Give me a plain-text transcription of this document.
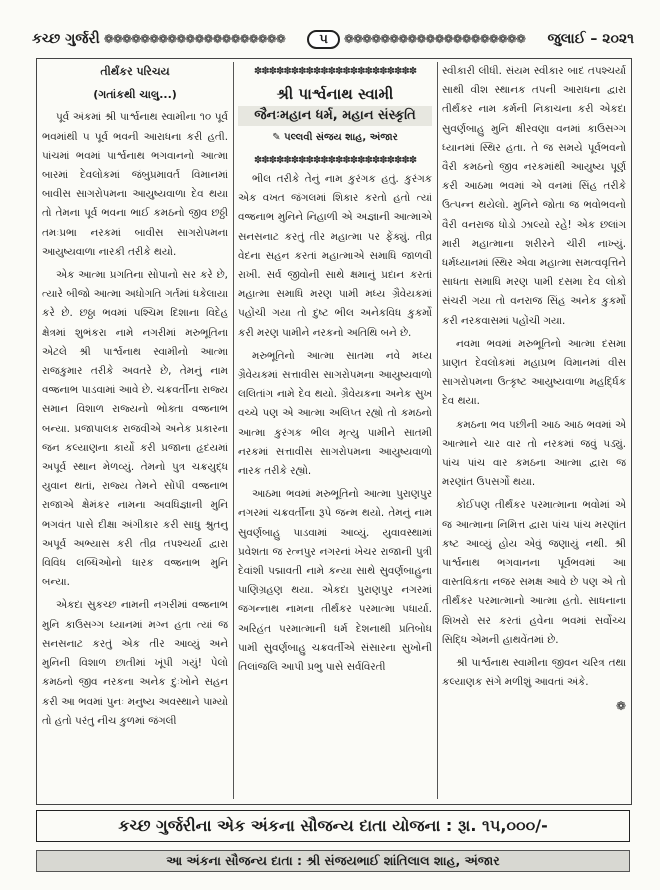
કચ્છ ગુર્જરી ❁❁❁❁❁❁❁❁❁❁❁❁❁❁❁❁❁❁❁❁	૫	❁❁❁❁❁❁❁❁❁❁❁❁❁❁❁❁❁❁❁❁	જુલાઈ – ૨૦૨૧

તીર્થંકર પરિચય

(ગતાંકથી ચાલુ...)

પૂર્વ અંકમાં શ્રી પાર્શ્વનાથ સ્વામીના ૧૦ પૂર્વ ભવમાંથી ૫ પૂર્વ ભવની આરાધના કરી હતી. પાંચમાં ભવમાં પાર્શ્વનાથ ભગવાનનો આત્મા બારમાં દેવલોકમાં જંબુપ્રમાવર્ત વિમાનમાં બાવીસ સાગરોપમના આયુષ્યવાળા દેવ થયા તો તેમના પૂર્વ ભવના ભાઈ કમઠનો જીવ છઠ્ઠી તમઃપ્રભા નરકમાં બાવીસ સાગરોપમના આયુષ્યવાળા નારકી તરીકે થયો.

એક આત્મા પ્રગતિના સોપાનો સર કરે છે, ત્યારે બીજો આત્મા અધોગતિ ગર્તમાં ધકેલાયા કરે છે. છઠ્ઠા ભવમાં પશ્ચિમ દિશાના વિદેહ ક્ષેત્રમાં શુભંકરા નામે નગરીમાં મરુભૂતિના એટલે શ્રી પાર્શ્વનાથ સ્વામીનો આત્મા રાજકુમાર તરીકે અવતરે છે, તેમનું નામ વજ્રનાભ પાડવામાં આવે છે. ચક્રવર્તીના રાજ્ય સમાન વિશાળ રાજ્યનો ભોક્તા વજ્રનાભ બન્યા. પ્રજાપાલક રાજવીએ અનેક પ્રકારના જન કલ્યાણના કાર્યો કરી પ્રજાના હૃદયમાં અપૂર્વ સ્થાન મેળવ્યું. તેમનો પુત્ર ચક્રયુદ્ધ યુવાન થતાં, રાજ્ય તેમને સોંપી વજ્રનાભ રાજાએ ક્ષેમંકર નામના અવધિજ્ઞાની મુનિ ભગવંત પાસે દીક્ષા અંગીકાર કરી સાધુ શ્રુતનુ અપૂર્વ અભ્યાસ કરી તીવ્ર તપશ્ચર્યા દ્વારા વિવિધ લબ્ધિઓનો ધારક વજ્રનાભ મુનિ બન્યા.

એકદા સુકચ્છ નામની નગરીમાં વજ્રનાભ મુનિ કાઉસગ્ગ ધ્યાનમાં મગ્ન હતા ત્યાં જ સનસનાટ કરતું એક તીર આવ્યું અને મુનિની વિશાળ છાતીમાં ખૂંપી ગયું! પેલો કમઠનો જીવ નરકના અનેક દુઃખોને સહન કરી આ ભવમાં પુનઃ મનુષ્ય અવસ્થાને પામ્યો તો હતો પરંતુ નીચ કુળમાં જંગલી

✽✽✽✽✽✽✽✽✽✽✽✽✽✽✽✽✽✽✽✽✽✽
શ્રી પાર્શ્વનાથ સ્વામી
જૈનઃમહાન ધર્મ, મહાન સંસ્કૃતિ
✎ પલ્લવી સંજય શાહ, અંજાર
✽✽✽✽✽✽✽✽✽✽✽✽✽✽✽✽✽✽✽✽✽✽

ભીલ તરીકે તેનું નામ કુરંગક હતું. કુરંગક એક વખત જંગલમાં શિકાર કરતો હતો ત્યાં વજ્રનાભ મુનિને નિહાળી એ અજ્ઞાની આત્માએ સનસનાટ કરતું તીર મહાત્મા પર ફેંક્યું. તીવ્ર વેદના સહન કરતાં મહાત્માએ સમાધિ જાળવી રાખી. સર્વ જીવોની સાથે ક્ષમાનું પ્રદાન કરતાં મહાત્મા સમાધિ મરણ પામી મધ્ય ગ્રૈવેયકમાં પહોંચી ગયા તો દુષ્ટ ભીલ અનેકવિધ કુકર્મો કરી મરણ પામીને નરકનો અતિથિ બને છે.

મરુભૂતિનો આત્મા સાતમા નવે મધ્ય ગ્રૈવેયકમાં સત્તાવીસ સાગરોપમના આયુષ્યવાળો લલિતાંગ નામે દેવ થયો. ગ્રૈવેયકના અનેક સુખ વચ્ચે પણ એ આત્મા અલિપ્ત રહ્યો તો કમઠનો આત્મા કુરંગક ભીલ મૃત્યુ પામીને સાતમી નરકમાં સત્તાવીસ સાગરોપમના આયુષ્યવાળો નારક તરીકે રહ્યો.

આઠમા ભવમાં મરુભૂતિનો આત્મા પુરાણપુર નગરમાં ચક્રવર્તીના રૂપે જન્મ થયો. તેમનું નામ સુવર્ણબાહુ પાડવામાં આવ્યું. યુવાવસ્થામાં પ્રવેશતા જ રત્નપુર નગરનાં ખેચર રાજાની પુત્રી દેવાંશી પદ્માવતી નામે કન્યા સાથે સુવર્ણબાહુના પાણિગ્રહણ થયા. એકદા પુરાણપુર નગરમાં જગન્નાથ નામના તીર્થંકર પરમાત્મા પધાર્યા. અરિહંત પરમાત્માની ધર્મ દેશનાથી પ્રતિબોધ પામી સુવર્ણબાહુ ચક્રવર્તીએ સંસારના સુખોની તિલાંજલિ આપી પ્રભુ પાસે સર્વવિરતી

સ્વીકારી લીધી. સંયમ સ્વીકાર બાદ તપશ્ચર્યા સાથી વીશ સ્થાનક તપની આરાધના દ્વારા તીર્થંકર નામ કર્મની નિકાચના કરી એકદા સુવર્ણબાહુ મુનિ ક્ષીરવણા વનમાં કાઉસગ્ગ ધ્યાનમાં સ્થિર હતા. તે જ સમયે પૂર્વભવનો વૈરી કમઠનો જીવ નરકમાંથી આયુષ્ય પૂર્ણ કરી આઠમા ભવમાં એ વનમાં સિંહ તરીકે ઉત્પન્ન થયેલો. મુનિને જોતા જ ભવોભવનો વૈરી વનરાજ ધોડો ઝાલ્યો રહે! એક છલાંગ મારી મહાત્માના શરીરને ચીરી નાખ્યું. ધર્મધ્યાનમાં સ્થિર એવા મહાત્મા સમત્વવૃત્તિને સાધતા સમાધિ મરણ પામી દસમા દેવ લોકો સંચરી ગયા તો વનરાજ સિંહ અનેક કુકર્મો કરી નરકવાસમાં પહોંચી ગયા.

નવમા ભવમાં મરુભૂતિનો આત્મા દસમા પ્રાણત દેવલોકમાં મહાપ્રભ વિમાનમાં વીસ સાગરોપમના ઉત્કૃષ્ટ આયુષ્યવાળા મહર્દ્ધિક દેવ થયા.

કમઠના ભવ પછીની આઠ આઠ ભવમાં એ આત્માને ચાર વાર તો નરકમાં જવું પડ્યું. પાંચ પાંચ વાર કમઠના આત્મા દ્વારા જ મરણાંત ઉપસર્ગો થયા.

કોઈપણ તીર્થંકર પરમાત્માના ભવોમાં એ જ આત્માના નિમિત્ત દ્વારા પાંચ પાંચ મરણાંત કષ્ટ આવ્યું હોય એવું જણાયું નથી. શ્રી પાર્શ્વનાથ ભગવાનના પૂર્વભવમાં આ વાસ્તવિકતા નજર સમક્ષ આવે છે પણ એ તો તીર્થંકર પરમાત્માનો આત્મા હતો. સાધનાના શિખરો સર કરતાં હવેના ભવમાં સર્વોચ્ચ સિદ્ધિ એમની હાથવેંતમાં છે.

શ્રી પાર્શ્વનાથ સ્વામીના જીવન ચરિત્ર તથા કલ્યાણક સંગે મળીશું આવતાં અંકે.

❁
કચ્છ ગુર્જરીના એક અંકના સૌજન્ય દાતા યોજના : રૂા. ૧૫,૦૦૦/-
આ અંકના સૌજન્ય દાતા : શ્રી સંજયભાઈ શાંતિલાલ શાહ, અંજાર
